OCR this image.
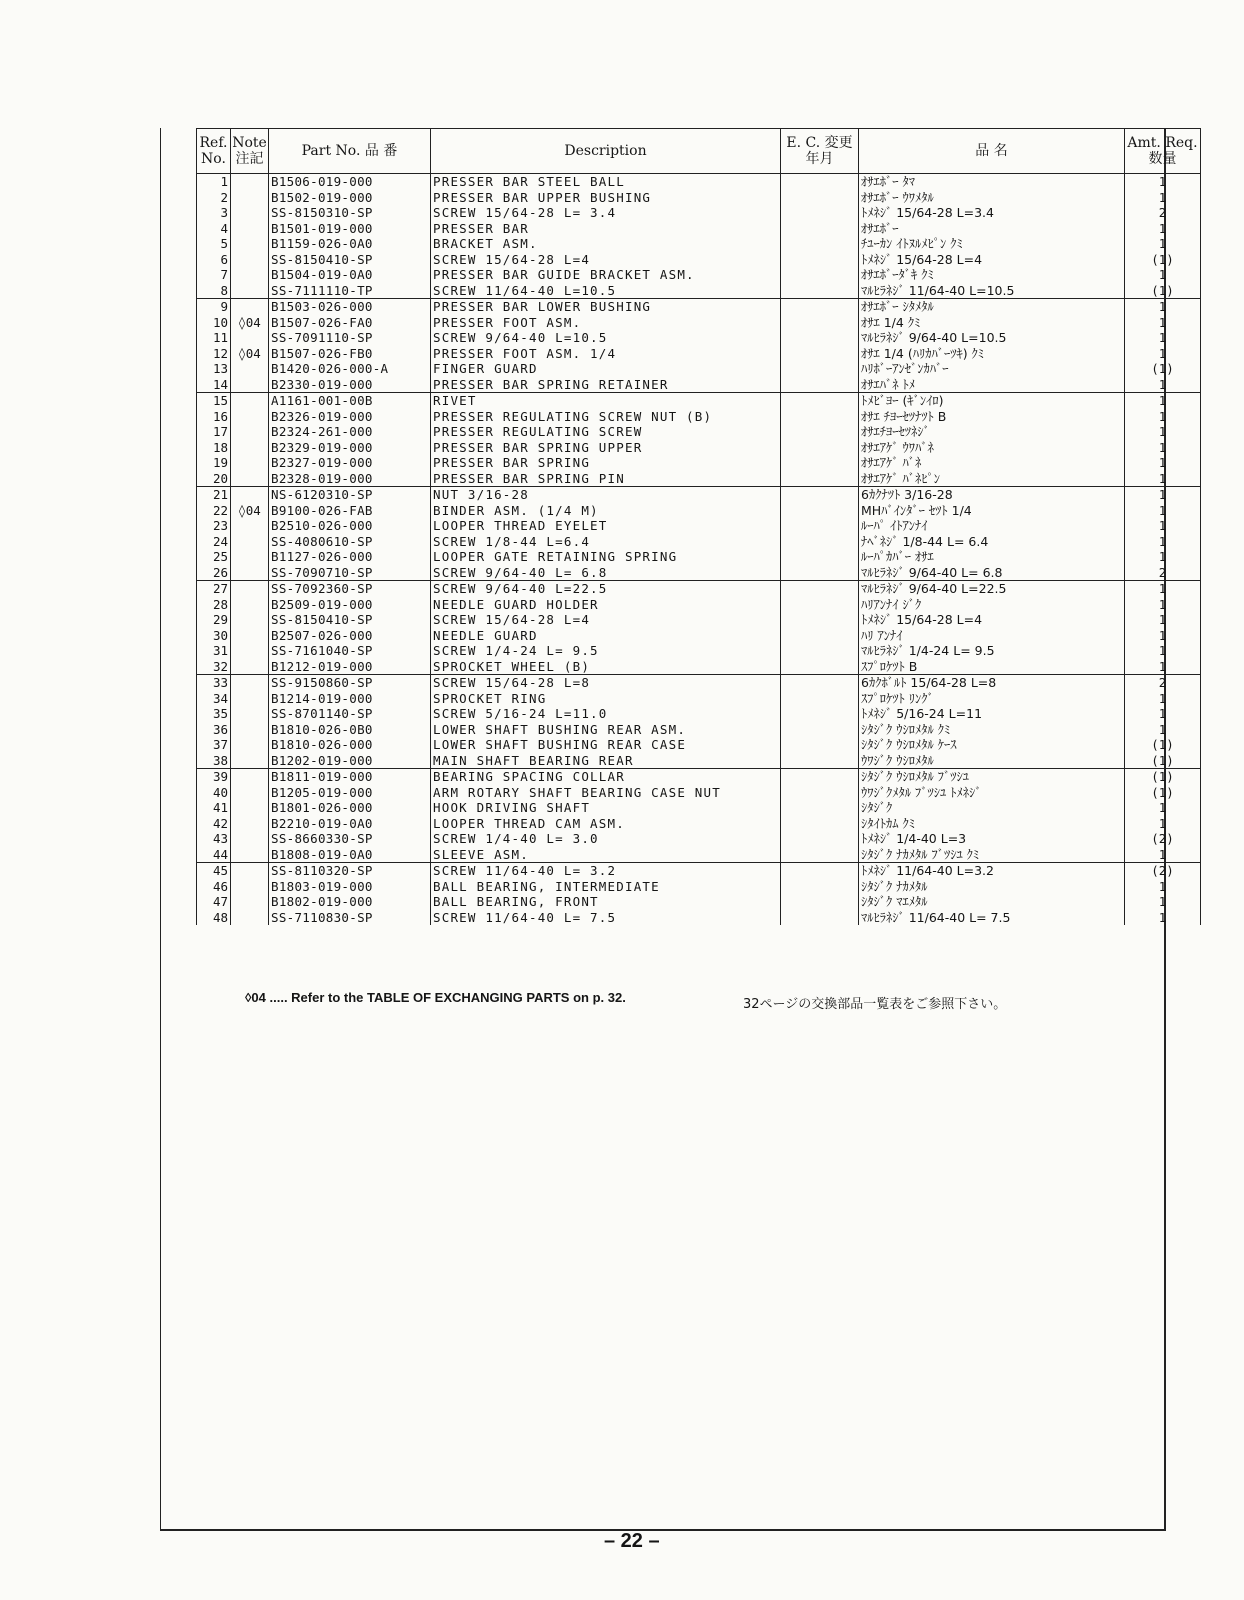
Ref. No.	Note 注記	Part No. 品 番	Description	E. C. 変更年月	品 名	Amt. Req. 数量
1		B1506-019-000	PRESSER BAR STEEL BALL		ｵｻｴﾎﾞｰ ﾀﾏ	1
2		B1502-019-000	PRESSER BAR UPPER BUSHING		ｵｻｴﾎﾞｰ ｳﾜﾒﾀﾙ	1
3		SS-8150310-SP	SCREW 15/64-28 L= 3.4		ﾄﾒﾈｼﾞ 15/64-28 L=3.4	2
4		B1501-019-000	PRESSER BAR		ｵｻｴﾎﾞｰ	1
5		B1159-026-0A0	BRACKET ASM.		ﾁﾕｰｶﾝ ｲﾄﾇﾙﾒﾋﾟﾝ ｸﾐ	1
6		SS-8150410-SP	SCREW 15/64-28 L=4		ﾄﾒﾈｼﾞ 15/64-28 L=4	(1)
7		B1504-019-0A0	PRESSER BAR GUIDE BRACKET ASM.		ｵｻｴﾎﾞｰﾀﾞｷ ｸﾐ	1
8		SS-7111110-TP	SCREW 11/64-40 L=10.5		ﾏﾙﾋﾗﾈｼﾞ 11/64-40 L=10.5	(1)
9		B1503-026-000	PRESSER BAR LOWER BUSHING		ｵｻｴﾎﾞｰ ｼﾀﾒﾀﾙ	1
10	◊04	B1507-026-FA0	PRESSER FOOT ASM.		ｵｻｴ 1/4 ｸﾐ	1
11		SS-7091110-SP	SCREW 9/64-40 L=10.5		ﾏﾙﾋﾗﾈｼﾞ 9/64-40 L=10.5	1
12	◊04	B1507-026-FB0	PRESSER FOOT ASM. 1/4		ｵｻｴ 1/4 (ﾊﾘｶﾊﾞｰﾂｷ) ｸﾐ	1
13		B1420-026-000-A	FINGER GUARD		ﾊﾘﾎﾞｰｱﾝｾﾞﾝｶﾊﾞｰ	(1)
14		B2330-019-000	PRESSER BAR SPRING RETAINER		ｵｻｴﾊﾞﾈ ﾄﾒ	1
15		A1161-001-00B	RIVET		ﾄﾒﾋﾞﾖｰ (ｷﾞﾝｲﾛ)	1
16		B2326-019-000	PRESSER REGULATING SCREW NUT (B)		ｵｻｴ ﾁﾖｰｾﾂﾅﾂﾄ B	1
17		B2324-261-000	PRESSER REGULATING SCREW		ｵｻｴﾁﾖｰｾﾂﾈｼﾞ	1
18		B2329-019-000	PRESSER BAR SPRING UPPER		ｵｻｴｱｹﾞ ｳﾜﾊﾞﾈ	1
19		B2327-019-000	PRESSER BAR SPRING		ｵｻｴｱｹﾞ ﾊﾞﾈ	1
20		B2328-019-000	PRESSER BAR SPRING PIN		ｵｻｴｱｹﾞ ﾊﾞﾈﾋﾟﾝ	1
21		NS-6120310-SP	NUT 3/16-28		6ｶｸﾅﾂﾄ 3/16-28	1
22	◊04	B9100-026-FAB	BINDER ASM. (1/4 M)		MHﾊﾞｲﾝﾀﾞｰ ｾﾂﾄ 1/4	1
23		B2510-026-000	LOOPER THREAD EYELET		ﾙｰﾊﾟ ｲﾄｱﾝﾅｲ	1
24		SS-4080610-SP	SCREW 1/8-44 L=6.4		ﾅﾍﾞﾈｼﾞ 1/8-44 L= 6.4	1
25		B1127-026-000	LOOPER GATE RETAINING SPRING		ﾙｰﾊﾟｶﾊﾞｰ ｵｻｴ	1
26		SS-7090710-SP	SCREW 9/64-40 L= 6.8		ﾏﾙﾋﾗﾈｼﾞ 9/64-40 L= 6.8	2
27		SS-7092360-SP	SCREW 9/64-40 L=22.5		ﾏﾙﾋﾗﾈｼﾞ 9/64-40 L=22.5	1
28		B2509-019-000	NEEDLE GUARD HOLDER		ﾊﾘｱﾝﾅｲ ｼﾞｸ	1
29		SS-8150410-SP	SCREW 15/64-28 L=4		ﾄﾒﾈｼﾞ 15/64-28 L=4	1
30		B2507-026-000	NEEDLE GUARD		ﾊﾘ ｱﾝﾅｲ	1
31		SS-7161040-SP	SCREW 1/4-24 L= 9.5		ﾏﾙﾋﾗﾈｼﾞ 1/4-24 L= 9.5	1
32		B1212-019-000	SPROCKET WHEEL (B)		ｽﾌﾟﾛｹﾂﾄ B	1
33		SS-9150860-SP	SCREW 15/64-28 L=8		6ｶｸﾎﾞﾙﾄ 15/64-28 L=8	2
34		B1214-019-000	SPROCKET RING		ｽﾌﾟﾛｹﾂﾄ ﾘﾝｸﾞ	1
35		SS-8701140-SP	SCREW 5/16-24 L=11.0		ﾄﾒﾈｼﾞ 5/16-24 L=11	1
36		B1810-026-0B0	LOWER SHAFT BUSHING REAR ASM.		ｼﾀｼﾞｸ ｳｼﾛﾒﾀﾙ ｸﾐ	1
37		B1810-026-000	LOWER SHAFT BUSHING REAR CASE		ｼﾀｼﾞｸ ｳｼﾛﾒﾀﾙ ｹｰｽ	(1)
38		B1202-019-000	MAIN SHAFT BEARING REAR		ｳﾜｼﾞｸ ｳｼﾛﾒﾀﾙ	(1)
39		B1811-019-000	BEARING SPACING COLLAR		ｼﾀｼﾞｸ ｳｼﾛﾒﾀﾙ ﾌﾞﾂｼﾕ	(1)
40		B1205-019-000	ARM ROTARY SHAFT BEARING CASE NUT		ｳﾜｼﾞｸﾒﾀﾙ ﾌﾞﾂｼﾕ ﾄﾒﾈｼﾞ	(1)
41		B1801-026-000	HOOK DRIVING SHAFT		ｼﾀｼﾞｸ	1
42		B2210-019-0A0	LOOPER THREAD CAM ASM.		ｼﾀｲﾄｶﾑ ｸﾐ	1
43		SS-8660330-SP	SCREW 1/4-40 L= 3.0		ﾄﾒﾈｼﾞ 1/4-40 L=3	(2)
44		B1808-019-0A0	SLEEVE ASM.		ｼﾀｼﾞｸ ﾅｶﾒﾀﾙ ﾌﾞﾂｼﾕ ｸﾐ	1
45		SS-8110320-SP	SCREW 11/64-40 L= 3.2		ﾄﾒﾈｼﾞ 11/64-40 L=3.2	(2)
46		B1803-019-000	BALL BEARING, INTERMEDIATE		ｼﾀｼﾞｸ ﾅｶﾒﾀﾙ	1
47		B1802-019-000	BALL BEARING, FRONT		ｼﾀｼﾞｸ ﾏｴﾒﾀﾙ	1
48		SS-7110830-SP	SCREW 11/64-40 L= 7.5		ﾏﾙﾋﾗﾈｼﾞ 11/64-40 L= 7.5	1
◊04 ..... Refer to the TABLE OF EXCHANGING PARTS on p. 32.	32ページの交換部品一覧表をご参照下さい。
– 22 –
